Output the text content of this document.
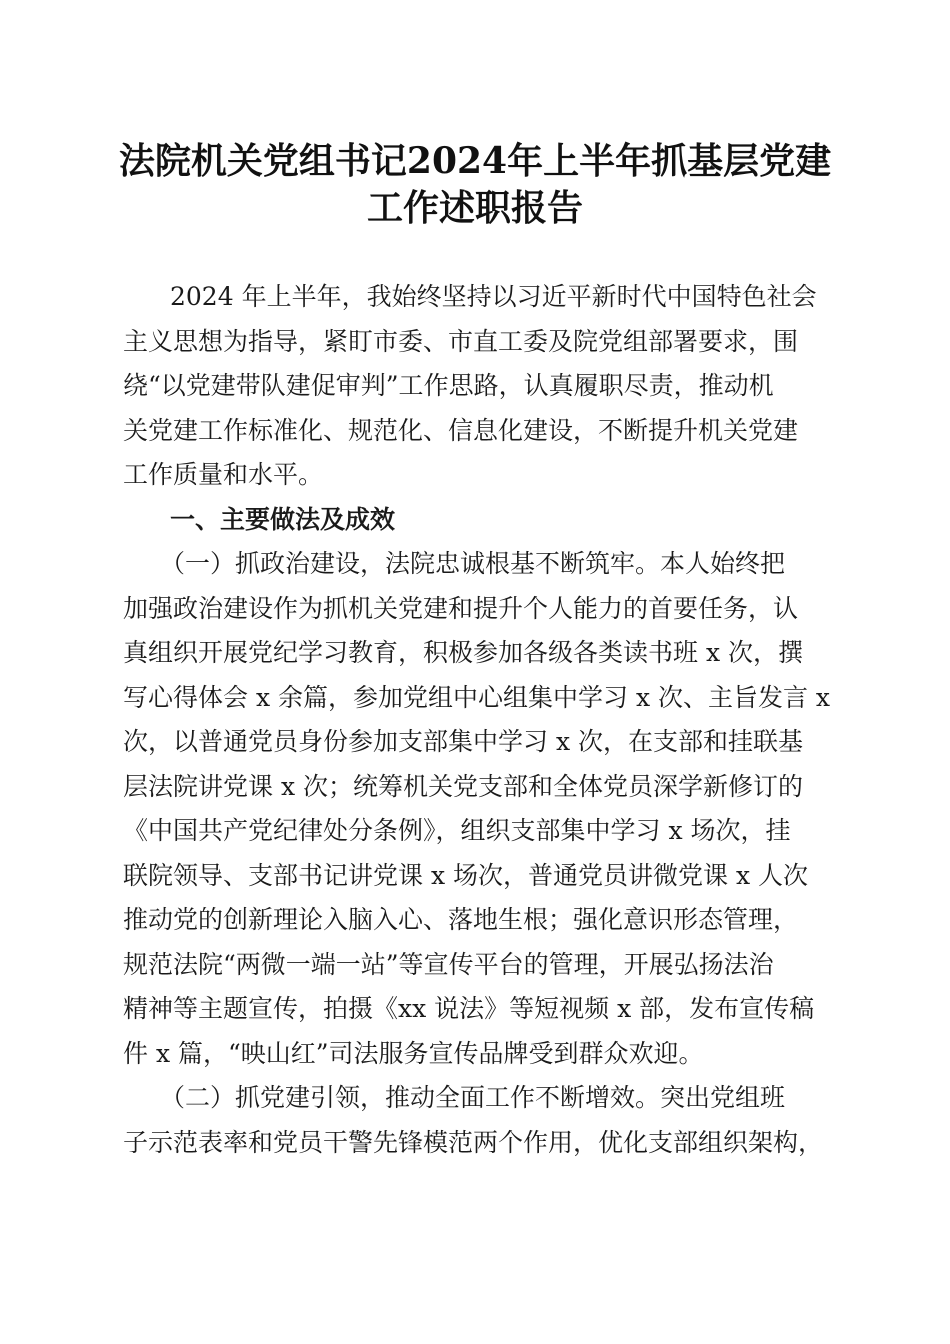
法院机关党组书记2024年上半年抓基层党建
工作述职报告

2024 年上半年，我始终坚持以习近平新时代中国特色社会

主义思想为指导，紧盯市委、市直工委及院党组部署要求，围

绕“以党建带队建促审判”工作思路，认真履职尽责，推动机

关党建工作标准化、规范化、信息化建设，不断提升机关党建

工作质量和水平。

一、主要做法及成效

（一）抓政治建设，法院忠诚根基不断筑牢。本人始终把

加强政治建设作为抓机关党建和提升个人能力的首要任务，认

真组织开展党纪学习教育，积极参加各级各类读书班 x 次，撰

写心得体会 x 余篇，参加党组中心组集中学习 x 次、主旨发言 x

次，以普通党员身份参加支部集中学习 x 次，在支部和挂联基

层法院讲党课 x 次；统筹机关党支部和全体党员深学新修订的

《中国共产党纪律处分条例》，组织支部集中学习 x 场次，挂

联院领导、支部书记讲党课 x 场次，普通党员讲微党课 x 人次

推动党的创新理论入脑入心、落地生根；强化意识形态管理，

规范法院“两微一端一站”等宣传平台的管理，开展弘扬法治

精神等主题宣传，拍摄《xx 说法》等短视频 x 部，发布宣传稿

件 x 篇，“映山红”司法服务宣传品牌受到群众欢迎。

（二）抓党建引领，推动全面工作不断增效。突出党组班

子示范表率和党员干警先锋模范两个作用，优化支部组织架构，
